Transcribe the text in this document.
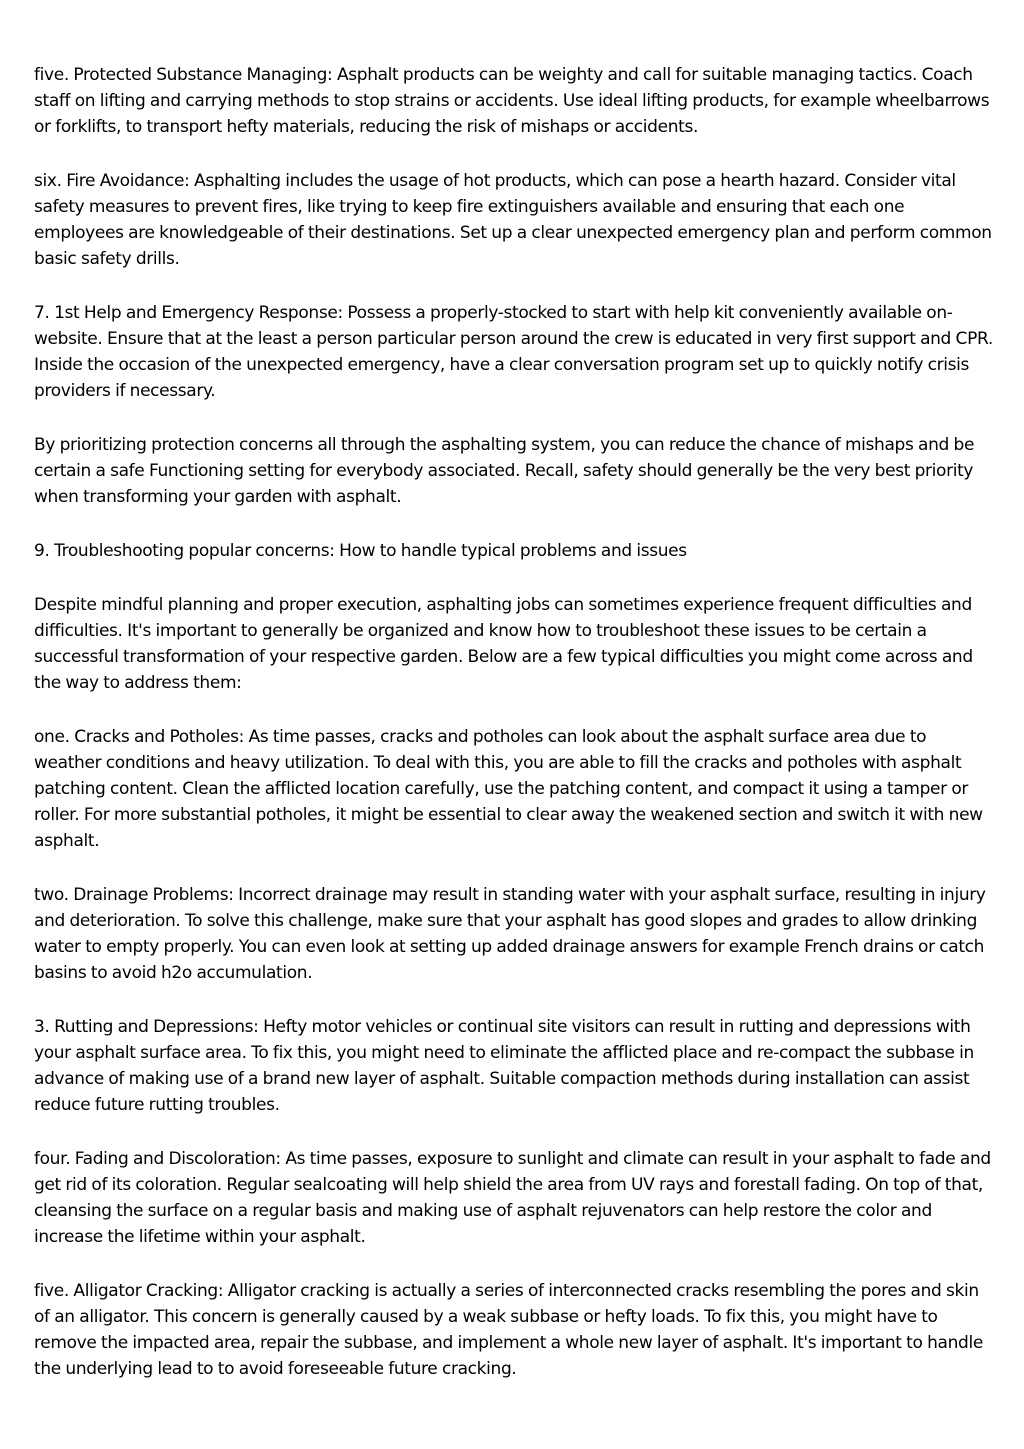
five. Protected Substance Managing: Asphalt products can be weighty and call for suitable managing tactics. Coach staff on lifting and carrying methods to stop strains or accidents. Use ideal lifting products, for example wheelbarrows or forklifts, to transport hefty materials, reducing the risk of mishaps or accidents.

six. Fire Avoidance: Asphalting includes the usage of hot products, which can pose a hearth hazard. Consider vital safety measures to prevent fires, like trying to keep fire extinguishers available and ensuring that each one employees are knowledgeable of their destinations. Set up a clear unexpected emergency plan and perform common basic safety drills.

7. 1st Help and Emergency Response: Possess a properly-stocked to start with help kit conveniently available on-website. Ensure that at the least a person particular person around the crew is educated in very first support and CPR. Inside the occasion of the unexpected emergency, have a clear conversation program set up to quickly notify crisis providers if necessary.

By prioritizing protection concerns all through the asphalting system, you can reduce the chance of mishaps and be certain a safe Functioning setting for everybody associated. Recall, safety should generally be the very best priority when transforming your garden with asphalt.

9. Troubleshooting popular concerns: How to handle typical problems and issues

Despite mindful planning and proper execution, asphalting jobs can sometimes experience frequent difficulties and difficulties. It's important to generally be organized and know how to troubleshoot these issues to be certain a successful transformation of your respective garden. Below are a few typical difficulties you might come across and the way to address them:

one. Cracks and Potholes: As time passes, cracks and potholes can look about the asphalt surface area due to weather conditions and heavy utilization. To deal with this, you are able to fill the cracks and potholes with asphalt patching content. Clean the afflicted location carefully, use the patching content, and compact it using a tamper or roller. For more substantial potholes, it might be essential to clear away the weakened section and switch it with new asphalt.

two. Drainage Problems: Incorrect drainage may result in standing water with your asphalt surface, resulting in injury and deterioration. To solve this challenge, make sure that your asphalt has good slopes and grades to allow drinking water to empty properly. You can even look at setting up added drainage answers for example French drains or catch basins to avoid h2o accumulation.

3. Rutting and Depressions: Hefty motor vehicles or continual site visitors can result in rutting and depressions with your asphalt surface area. To fix this, you might need to eliminate the afflicted place and re-compact the subbase in advance of making use of a brand new layer of asphalt. Suitable compaction methods during installation can assist reduce future rutting troubles.

four. Fading and Discoloration: As time passes, exposure to sunlight and climate can result in your asphalt to fade and get rid of its coloration. Regular sealcoating will help shield the area from UV rays and forestall fading. On top of that, cleansing the surface on a regular basis and making use of asphalt rejuvenators can help restore the color and increase the lifetime within your asphalt.

five. Alligator Cracking: Alligator cracking is actually a series of interconnected cracks resembling the pores and skin of an alligator. This concern is generally caused by a weak subbase or hefty loads. To fix this, you might have to remove the impacted area, repair the subbase, and implement a whole new layer of asphalt. It's important to handle the underlying lead to to avoid foreseeable future cracking.
